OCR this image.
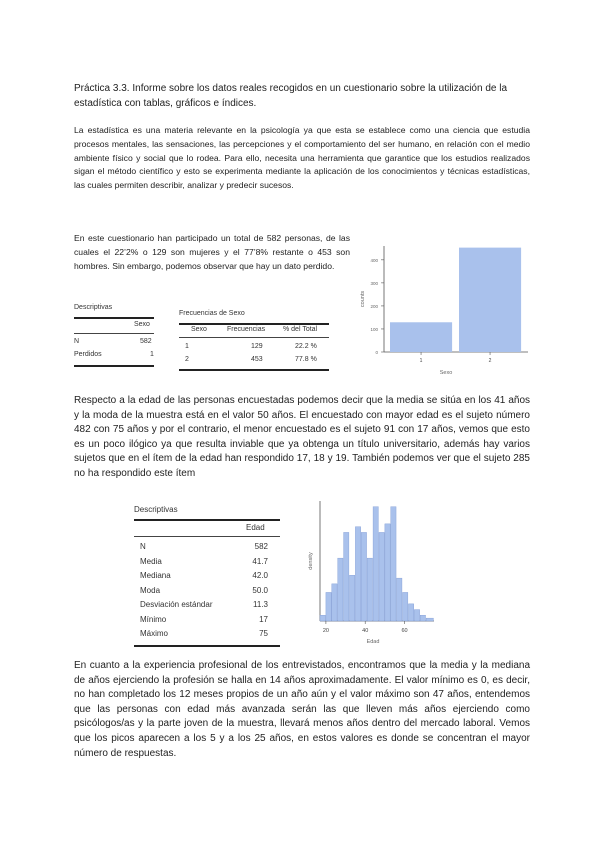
Práctica 3.3. Informe sobre los datos reales recogidos en un cuestionario sobre la utilización de la estadística con tablas, gráficos e índices.
La estadística es una materia relevante en la psicología ya que esta se establece como una ciencia que estudia procesos mentales, las sensaciones, las percepciones y el comportamiento del ser humano, en relación con el medio ambiente físico y social que lo rodea. Para ello, necesita una herramienta que garantice que los estudios realizados sigan el método científico y esto se experimenta mediante la aplicación de los conocimientos y técnicas estadísticas, las cuales permiten describir, analizar y predecir sucesos.
En este cuestionario han participado un total de 582 personas, de las cuales el 22’2% o 129 son mujeres y el 77’8% restante o 453 son hombres. Sin embargo, podemos observar que hay un dato perdido.
Descriptivas
Sexo
N	582
Perdidos	1
Frecuencias de Sexo
Sexo	Frecuencias	% del Total
1	129	22.2 %
2	453	77.8 %
0
100
200
300
400
1	2
Sexo
counts
Respecto a la edad de las personas encuestadas podemos decir que la media se sitúa en los 41 años y la moda de la muestra está en el valor 50 años. El encuestado con mayor edad es el sujeto número 482 con 75 años y por el contrario, el menor encuestado es el sujeto 91 con 17 años, vemos que esto es un poco ilógico ya que resulta inviable que ya obtenga un título universitario, además hay varios sujetos que en el ítem de la edad han respondido 17, 18 y 19. También podemos ver que el sujeto 285 no ha respondido este ítem
Descriptivas
Edad
N	582
Media	41.7
Mediana	42.0
Moda	50.0
Desviación estándar	11.3
Mínimo	17
Máximo	75	20	40	60
Edad
density
En cuanto a la experiencia profesional de los entrevistados, encontramos que la media y la mediana de años ejerciendo la profesión se halla en 14 años aproximadamente. El valor mínimo es 0, es decir, no han completado los 12 meses propios de un año aún y el valor máximo son 47 años, entendemos que las personas con edad más avanzada serán las que lleven más años ejerciendo como psicólogos/as y la parte joven de la muestra, llevará menos años dentro del mercado laboral. Vemos que los picos aparecen a los 5 y a los 25 años, en estos valores es donde se concentran el mayor número de respuestas.
